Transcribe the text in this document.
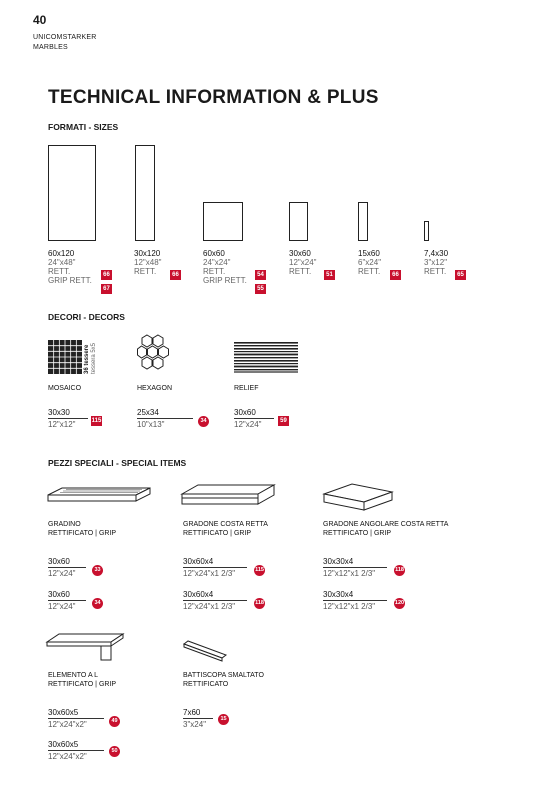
40
UNICOMSTARKER
MARBLES
TECHNICAL INFORMATION & PLUS
FORMATI - SIZES
60x120
24"x48"
RETT.
GRIP RETT.
66
67
30x120
12"x48"
RETT.	66
60x60
24"x24"
RETT.
GRIP RETT.
54
55
30x60
12"x24"
RETT.	51
15x60
6"x24"
RETT.	66
7,4x30
3"x12"
RETT.	65
DECORI - DECORS
36 tessere tesserа 5x5
MOSAICO	HEXAGON	RELIEF
30x30
12"x12"	115
25x34
10"x13"	34
30x60
12"x24"	59
PEZZI SPECIALI - SPECIAL ITEMS
GRADINO
RETTIFICATO | GRIP
GRADONE COSTA RETTA
RETTIFICATO | GRIP
GRADONE ANGOLARE COSTA RETTA
RETTIFICATO | GRIP
30x60
12"x24"	33
30x60
12"x24"	34
30x60x4
12"x24"x1 2/3"	115
30x60x4
12"x24"x1 2/3"	118
30x30x4
12"x12"x1 2/3"	118
30x30x4
12"x12"x1 2/3"	120
ELEMENTO A L
RETTIFICATO | GRIP
BATTISCOPA SMALTATO
RETTIFICATO
30x60x5
12"x24"x2"	49
30x60x5
12"x24"x2"
50
7x60
3"x24"
15
